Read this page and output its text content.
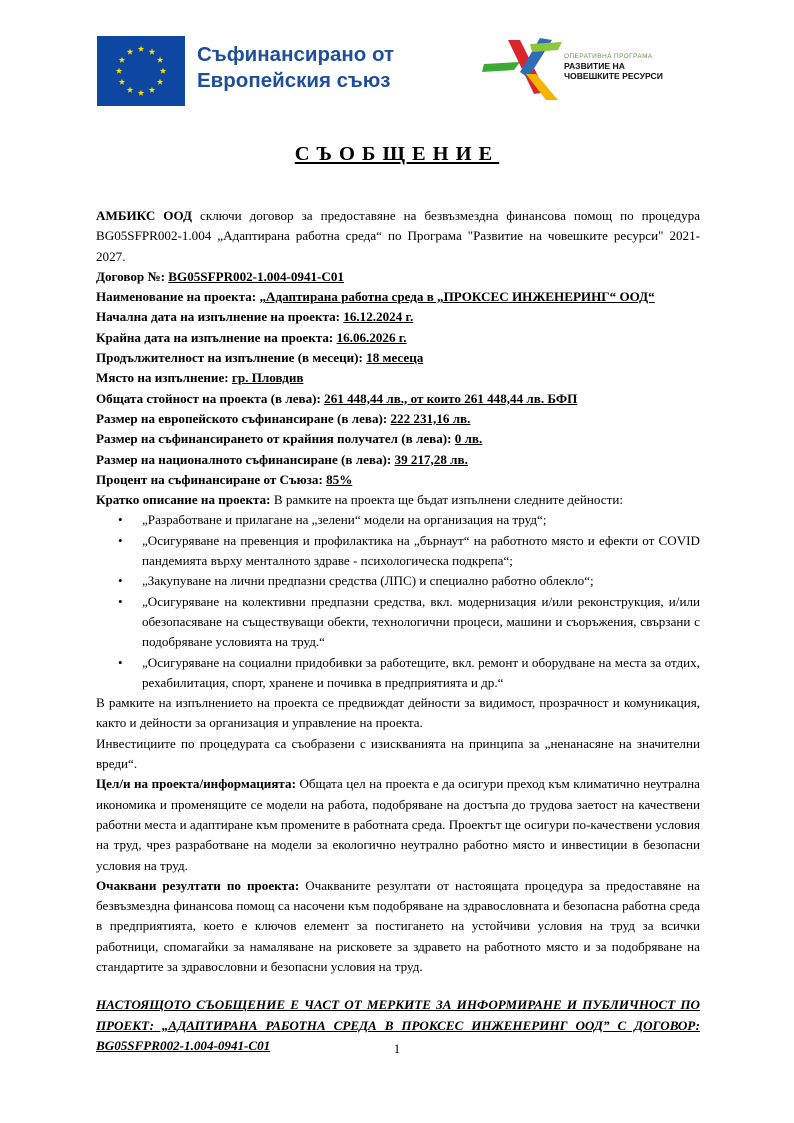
Съфинансирано от
Европейския съюз
ОПЕРАТИВНА ПРОГРАМА
РАЗВИТИЕ НА
ЧОВЕШКИТЕ РЕСУРСИ
СЪОБЩЕНИЕ

АМБИКС ООД сключи договор за предоставяне на безвъзмездна финансова помощ по процедура BG05SFPR002-1.004 „Адаптирана работна среда“ по Програма "Развитие на човешките ресурси" 2021-2027.

Договор №: BG05SFPR002-1.004-0941-C01

Наименование на проекта: „Адаптирана работна среда в „ПРОКСЕС ИНЖЕНЕРИНГ“ ООД“

Начална дата на изпълнение на проекта: 16.12.2024 г.

Крайна дата на изпълнение на проекта: 16.06.2026 г.

Продължителност на изпълнение (в месеци): 18 месеца

Място на изпълнение: гр. Пловдив

Общата стойност на проекта (в лева): 261 448,44 лв., от които 261 448,44 лв. БФП

Размер на европейското съфинансиране (в лева): 222 231,16 лв.

Размер на съфинансирането от крайния получател (в лева): 0 лв.

Размер на националното съфинансиране (в лева): 39 217,28 лв.

Процент на съфинансиране от Съюза: 85%

Кратко описание на проекта: В рамките на проекта ще бъдат изпълнени следните дейности:

• „Разработване и прилагане на „зелени“ модели на организация на труд“;
• „Осигуряване на превенция и профилактика на „бърнаут“ на работното място и ефекти от COVID пандемията върху менталното здраве - психологическа подкрепа“;
• „Закупуване на лични предпазни средства (ЛПС) и специално работно облекло“;
• „Осигуряване на колективни предпазни средства, вкл. модернизация и/или реконструкция, и/или обезопасяване на съществуващи обекти, технологични процеси, машини и съоръжения, свързани с подобряване условията на труд.“
• „Осигуряване на социални придобивки за работещите, вкл. ремонт и оборудване на места за отдих, рехабилитация, спорт, хранене и почивка в предприятията и др.“

В рамките на изпълнението на проекта се предвиждат дейности за видимост, прозрачност и комуникация, както и дейности за организация и управление на проекта.

Инвестициите по процедурата са съобразени с изискванията на принципа за „ненанасяне на значителни вреди“.

Цел/и на проекта/информацията: Общата цел на проекта е да осигури преход към климатично неутрална икономика и променящите се модели на работа, подобряване на достъпа до трудова заетост на качествени работни места и адаптиране към промените в работната среда. Проектът ще осигури по-качествени условия на труд, чрез разработване на модели за екологично неутрално работно място и инвестиции в безопасни условия на труд.

Очаквани резултати по проекта: Очакваните резултати от настоящата процедура за предоставяне на безвъзмездна финансова помощ са насочени към подобряване на здравословната и безопасна работна среда в предприятията, което е ключов елемент за постигането на устойчиви условия на труд за всички работници, спомагайки за намаляване на рисковете за здравето на работното място и за подобряване на стандартите за здравословни и безопасни условия на труд.

НАСТОЯЩОТО СЪОБЩЕНИЕ Е ЧАСТ ОТ МЕРКИТЕ ЗА ИНФОРМИРАНЕ И ПУБЛИЧНОСТ ПО ПРОЕКТ: „АДАПТИРАНА РАБОТНА СРЕДА В ПРОКСЕС ИНЖЕНЕРИНГ ООД” С ДОГОВОР: BG05SFPR002-1.004-0941-C01	1
